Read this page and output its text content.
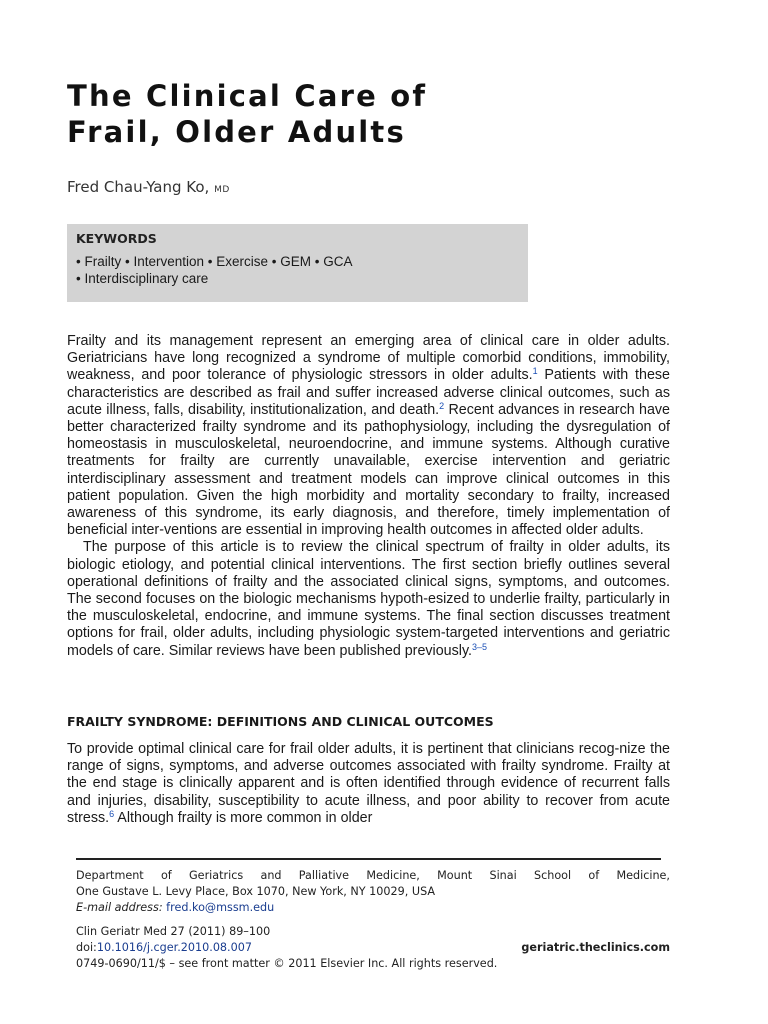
The Clinical Care of
Frail, Older Adults
Fred Chau-Yang Ko, MD
KEYWORDS
• Frailty • Intervention • Exercise • GEM • GCA
• Interdisciplinary care

Frailty and its management represent an emerging area of clinical care in older adults. Geriatricians have long recognized a syndrome of multiple comorbid conditions, immobility, weakness, and poor tolerance of physiologic stressors in older adults.$^1$ Patients with these characteristics are described as frail and suffer increased adverse clinical outcomes, such as acute illness, falls, disability, institutionalization, and death.$^2$ Recent advances in research have better characterized frailty syndrome and its pathophysiology, including the dysregulation of homeostasis in musculoskeletal, neuroendocrine, and immune systems. Although curative treatments for frailty are currently unavailable, exercise intervention and geriatric interdisciplinary assessment and treatment models can improve clinical outcomes in this patient population. Given the high morbidity and mortality secondary to frailty, increased awareness of this syndrome, its early diagnosis, and therefore, timely implementation of beneficial inter-ventions are essential in improving health outcomes in affected older adults.

The purpose of this article is to review the clinical spectrum of frailty in older adults, its biologic etiology, and potential clinical interventions. The first section briefly outlines several operational definitions of frailty and the associated clinical signs, symptoms, and outcomes. The second focuses on the biologic mechanisms hypoth-esized to underlie frailty, particularly in the musculoskeletal, endocrine, and immune systems. The final section discusses treatment options for frail, older adults, including physiologic system-targeted interventions and geriatric models of care. Similar reviews have been published previously.$^{3-5}$

FRAILTY SYNDROME: DEFINITIONS AND CLINICAL OUTCOMES

To provide optimal clinical care for frail older adults, it is pertinent that clinicians recog-nize the range of signs, symptoms, and adverse outcomes associated with frailty syndrome. Frailty at the end stage is clinically apparent and is often identified through evidence of recurrent falls and injuries, disability, susceptibility to acute illness, and poor ability to recover from acute stress.$^6$ Although frailty is more common in older

Department of Geriatrics and Palliative Medicine, Mount Sinai School of Medicine,
One Gustave L. Levy Place, Box 1070, New York, NY 10029, USA
E-mail address: fred.ko@mssm.edu
Clin Geriatr Med 27 (2011) 89–100
doi:10.1016/j.cger.2010.08.007	geriatric.theclinics.com
0749-0690/11/$ – see front matter © 2011 Elsevier Inc. All rights reserved.
